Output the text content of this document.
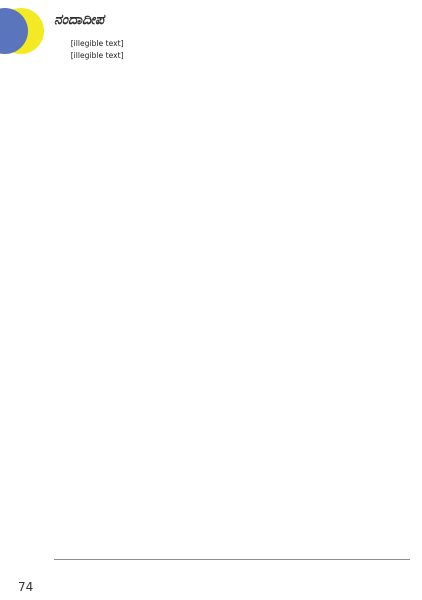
ನಂದಾದೀಪ

[illegible text]

[illegible text]

74
